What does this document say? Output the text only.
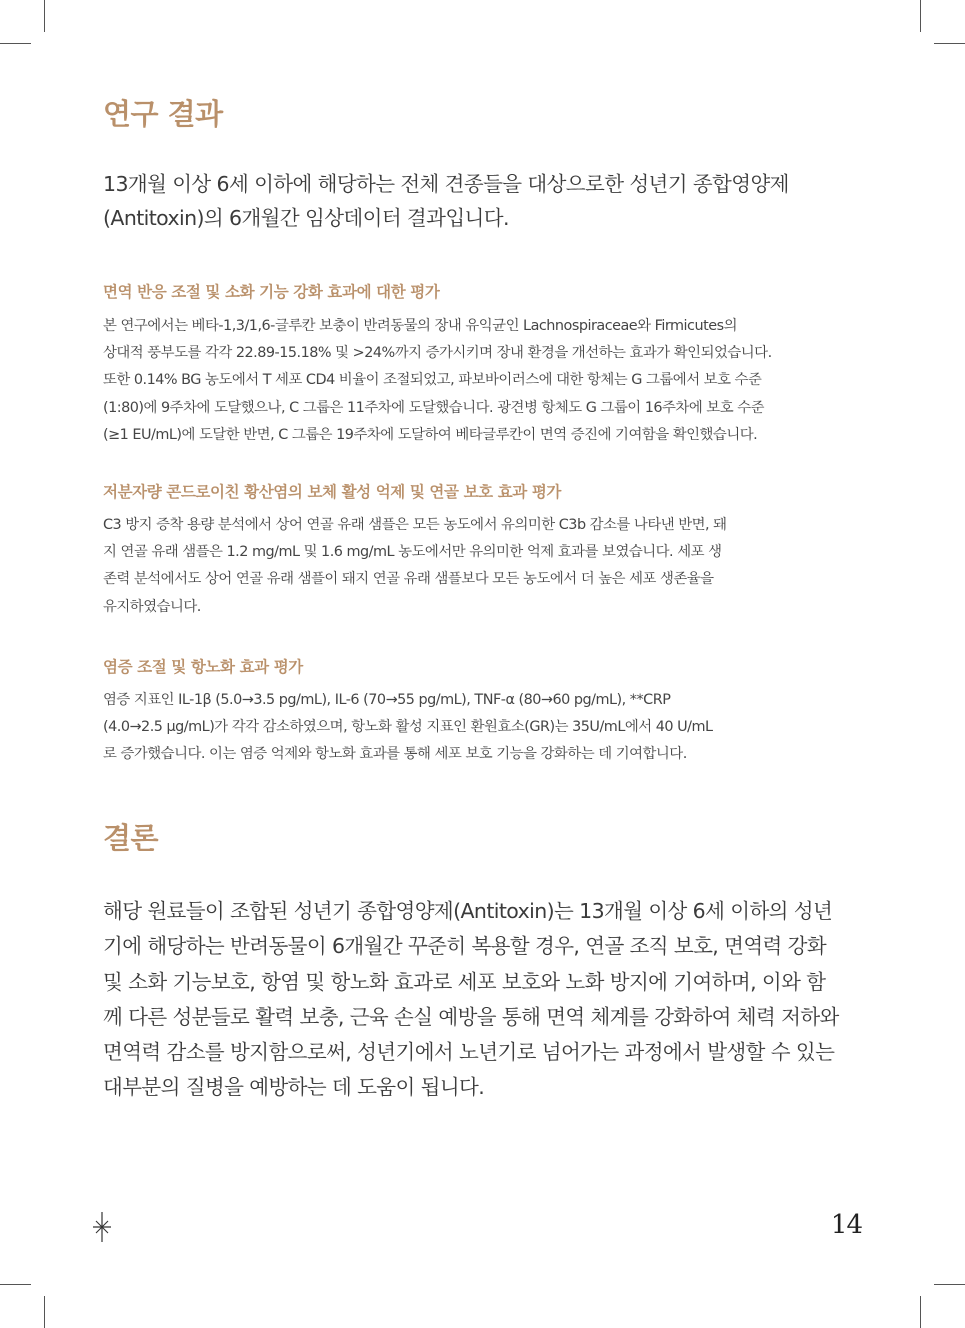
연구 결과

13개월 이상 6세 이하에 해당하는 전체 견종들을 대상으로한 성년기 종합영양제 (Antitoxin)의 6개월간 임상데이터 결과입니다.

면역 반응 조절 및 소화 기능 강화 효과에 대한 평가
본 연구에서는 베타-1,3/1,6-글루칸 보충이 반려동물의 장내 유익균인 Lachnospiraceae와 Firmicutes의
상대적 풍부도를 각각 22.89-15.18% 및 >24%까지 증가시키며 장내 환경을 개선하는 효과가 확인되었습니다.
또한 0.14% BG 농도에서 T 세포 CD4 비율이 조절되었고, 파보바이러스에 대한 항체는 G 그룹에서 보호 수준
(1:80)에 9주차에 도달했으나, C 그룹은 11주차에 도달했습니다. 광견병 항체도 G 그룹이 16주차에 보호 수준
(≥1 EU/mL)에 도달한 반면, C 그룹은 19주차에 도달하여 베타글루칸이 면역 증진에 기여함을 확인했습니다.
저분자량 콘드로이친 황산염의 보체 활성 억제 및 연골 보호 효과 평가
C3 방지 증착 용량 분석에서 상어 연골 유래 샘플은 모든 농도에서 유의미한 C3b 감소를 나타낸 반면, 돼
지 연골 유래 샘플은 1.2 mg/mL 및 1.6 mg/mL 농도에서만 유의미한 억제 효과를 보였습니다. 세포 생
존력 분석에서도 상어 연골 유래 샘플이 돼지 연골 유래 샘플보다 모든 농도에서 더 높은 세포 생존율을
유지하였습니다.
염증 조절 및 항노화 효과 평가
염증 지표인 IL-1β (5.0→3.5 pg/mL), IL-6 (70→55 pg/mL), TNF-α (80→60 pg/mL), **CRP
(4.0→2.5 μg/mL)가 각각 감소하였으며, 항노화 활성 지표인 환원효소(GR)는 35U/mL에서 40 U/mL
로 증가했습니다. 이는 염증 억제와 항노화 효과를 통해 세포 보호 기능을 강화하는 데 기여합니다.
결론
해당 원료들이 조합된 성년기 종합영양제(Antitoxin)는 13개월 이상 6세 이하의 성년
기에 해당하는 반려동물이 6개월간 꾸준히 복용할 경우, 연골 조직 보호, 면역력 강화
및 소화 기능보호, 항염 및 항노화 효과로 세포 보호와 노화 방지에 기여하며, 이와 함
께 다른 성분들로 활력 보충, 근육 손실 예방을 통해 면역 체계를 강화하여 체력 저하와
면역력 감소를 방지함으로써, 성년기에서 노년기로 넘어가는 과정에서 발생할 수 있는
대부분의 질병을 예방하는 데 도움이 됩니다.
14
